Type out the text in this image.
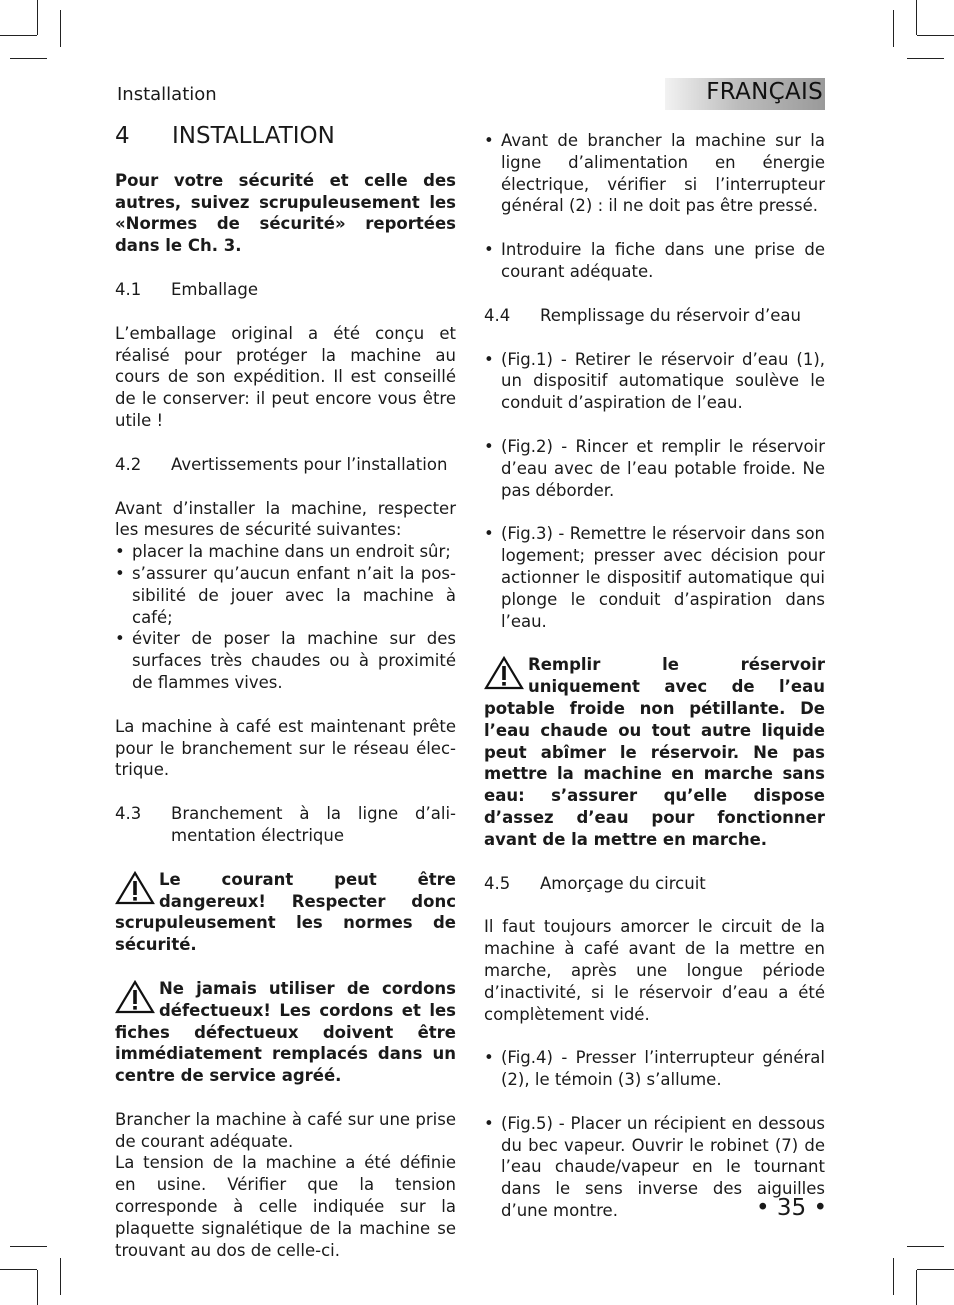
Installation	FRANÇAIS
4	INSTALLATION
Pour votre sécurité et celle des autres, suivez scrupuleusement les «Normes de sécurité» reportées dans le Ch. 3.
4.1	Emballage

L’emballage original a été conçu et réalisé pour protéger la machine au cours de son expédition. Il est conseillé de le conserver: il peut encore vous être utile !

4.2	Avertissements pour l’installation

Avant d’installer la machine, respecter les mesures de sécurité suivantes:

• placer la machine dans un endroit sûr;
• s’assurer qu’aucun enfant n’ait la possibilité de jouer avec la machine à café;
• éviter de poser la machine sur des surfaces très chaudes ou à proximité de flammes vives.

La machine à café est maintenant prête pour le branchement sur le réseau électrique.

4.3	Branchement à la ligne d’alimentation électrique
Le courant peut être dangereux! Respecter donc scrupuleusement les normes de sécurité.
Ne jamais utiliser de cordons défectueux! Les cordons et les fiches défectueux doivent être immédiatement remplacés dans un centre de service agréé.

Brancher la machine à café sur une prise de courant adéquate.

La tension de la machine a été définie en usine. Vérifier que la tension corresponde à celle indiquée sur la plaquette signalétique de la machine se trouvant au dos de celle-ci.

• Avant de brancher la machine sur la ligne d’alimentation en énergie électrique, vérifier si l’interrupteur général (2) : il ne doit pas être pressé.
• Introduire la fiche dans une prise de courant adéquate.
4.4	Remplissage du réservoir d’eau
• (Fig.1) - Retirer le réservoir d’eau (1), un dispositif automatique soulève le conduit d’aspiration de l’eau.
• (Fig.2) - Rincer et remplir le réservoir d’eau avec de l’eau potable froide. Ne pas déborder.
• (Fig.3) - Remettre le réservoir dans son logement; presser avec décision pour actionner le dispositif automatique qui plonge le conduit d’aspiration dans l’eau.
Remplir le réservoir uniquement avec de l’eau potable froide non pétillante. De l’eau chaude ou tout autre liquide peut abîmer le réservoir. Ne pas mettre la machine en marche sans eau: s’assurer qu’elle dispose d’assez d’eau pour fonctionner avant de la mettre en marche.
4.5	Amorçage du circuit

Il faut toujours amorcer le circuit de la machine à café avant de la mettre en marche, après une longue période d’inactivité, si le réservoir d’eau a été complètement vidé.

• (Fig.4) - Presser l’interrupteur général (2), le témoin (3) s’allume.
• (Fig.5) - Placer un récipient en dessous du bec vapeur. Ouvrir le robinet (7) de l’eau chaude/vapeur en le tournant dans le sens inverse des aiguilles d’une montre.	• 35 •
